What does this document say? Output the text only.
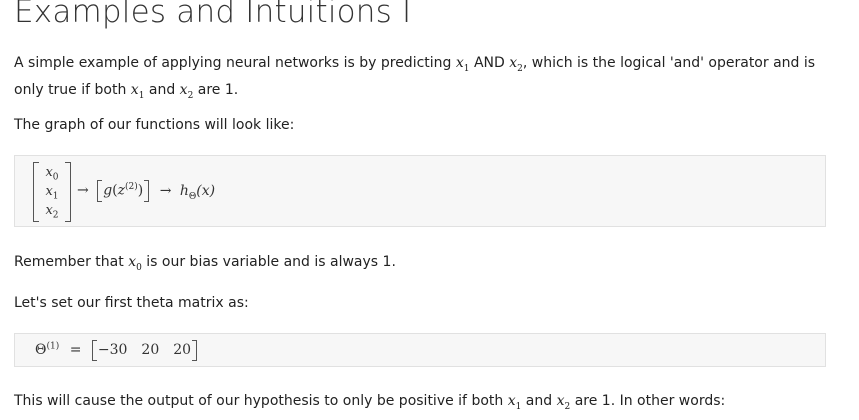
Examples and Intuitions I

A simple example of applying neural networks is by predicting $x_1$ AND $x_2$, which is the logical 'and' operator and is only true if both $x_1$ and $x_2$ are 1.

The graph of our functions will look like:

$x_0$
$x_1$
$x_2$
→ $g(z^{(2)}) \to h_\Theta(x)$

Remember that $x_0$ is our bias variable and is always 1.

Let's set our first theta matrix as:

$\Theta^{(1)} = -30$ 20 20

This will cause the output of our hypothesis to only be positive if both $x_1$ and $x_2$ are 1. In other words:
